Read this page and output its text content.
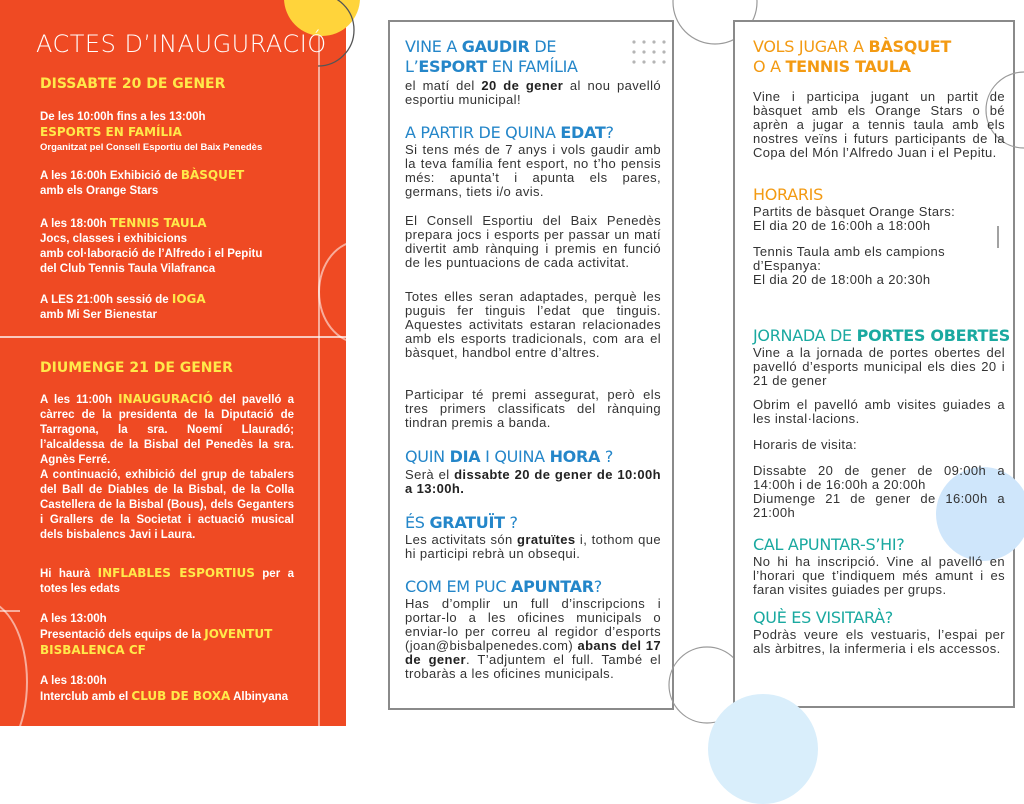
ACTES D’INAUGURACIÓ
DISSABTE 20 DE GENER
De les 10:00h fins a les 13:00h
ESPORTS EN FAMÍLIA
Organitzat pel Consell Esportiu del Baix Penedès
A les 16:00h Exhibició de BÀSQUET
amb els Orange Stars
A les 18:00h TENNIS TAULA
Jocs, classes i exhibicions
amb col·laboració de l’Alfredo i el Pepitu
del Club Tennis Taula Vilafranca
A LES 21:00h sessió de IOGA
amb Mi Ser Bienestar
DIUMENGE 21 DE GENER
A les 11:00h INAUGURACIÓ del pavelló a càrrec de la presidenta de la Diputació de Tarragona, la sra. Noemí Llauradó; l’alcaldessa de la Bisbal del Penedès la sra. Agnès Ferré.
A continuació, exhibició del grup de tabalers del Ball de Diables de la Bisbal, de la Colla Castellera de la Bisbal (Bous), dels Geganters i Grallers de la Societat i actuació musical dels bisbalencs Javi i Laura.
Hi haurà INFLABLES ESPORTIUS per a totes les edats
A les 13:00h
Presentació dels equips de la JOVENTUT
BISBALENCA CF
A les 18:00h
Interclub amb el CLUB DE BOXA Albinyana
VINE A GAUDIR DE
L’ESPORT EN FAMÍLIA
el matí del 20 de gener al nou pavelló esportiu municipal!
A PARTIR DE QUINA EDAT?
Si tens més de 7 anys i vols gaudir amb la teva família fent esport, no t’ho pensis més: apunta’t i apunta els pares, germans, tiets i/o avis.
El Consell Esportiu del Baix Penedès prepara jocs i esports per passar un matí divertit amb rànquing i premis en funció de les puntuacions de cada activitat.
Totes elles seran adaptades, perquè les puguis fer tinguis l’edat que tinguis. Aquestes activitats estaran relacionades amb els esports tradicionals, com ara el bàsquet, handbol entre d’altres.
Participar té premi assegurat, però els tres primers classificats del rànquing tindran premis a banda.
QUIN DIA I QUINA HORA ?
Serà el dissabte 20 de gener de 10:00h a 13:00h.
ÉS GRATUÏT ?
Les activitats són gratuïtes i, tothom que hi participi rebrà un obsequi.
COM EM PUC APUNTAR?
Has d’omplir un full d’inscripcions i portar-lo a les oficines municipals o enviar-lo per correu al regidor d’esports (joan@bisbalpenedes.com) abans del 17 de gener. T’adjuntem el full. També el trobaràs a les oficines municipals.
VOLS JUGAR A BÀSQUET
O A TENNIS TAULA
Vine i participa jugant un partit de bàsquet amb els Orange Stars o bé aprèn a jugar a tennis taula amb els nostres veïns i futurs participants de la Copa del Món l’Alfredo Juan i el Pepitu.
HORARIS
Partits de bàsquet Orange Stars:
El dia 20 de 16:00h a 18:00h
Tennis Taula amb els campions d’Espanya:
El dia 20 de 18:00h a 20:30h
JORNADA DE PORTES OBERTES
Vine a la jornada de portes obertes del pavelló d’esports municipal els dies 20 i 21 de gener
Obrim el pavelló amb visites guiades a les instal·lacions.
Horaris de visita:
Dissabte 20 de gener de 09:00h a 14:00h i de 16:00h a 20:00h
Diumenge 21 de gener de 16:00h a 21:00h
CAL APUNTAR-S’HI?
No hi ha inscripció. Vine al pavelló en l’horari que t’indiquem més amunt i es faran visites guiades per grups.
QUÈ ES VISITARÀ?
Podràs veure els vestuaris, l’espai per als àrbitres, la infermeria i els accessos.
